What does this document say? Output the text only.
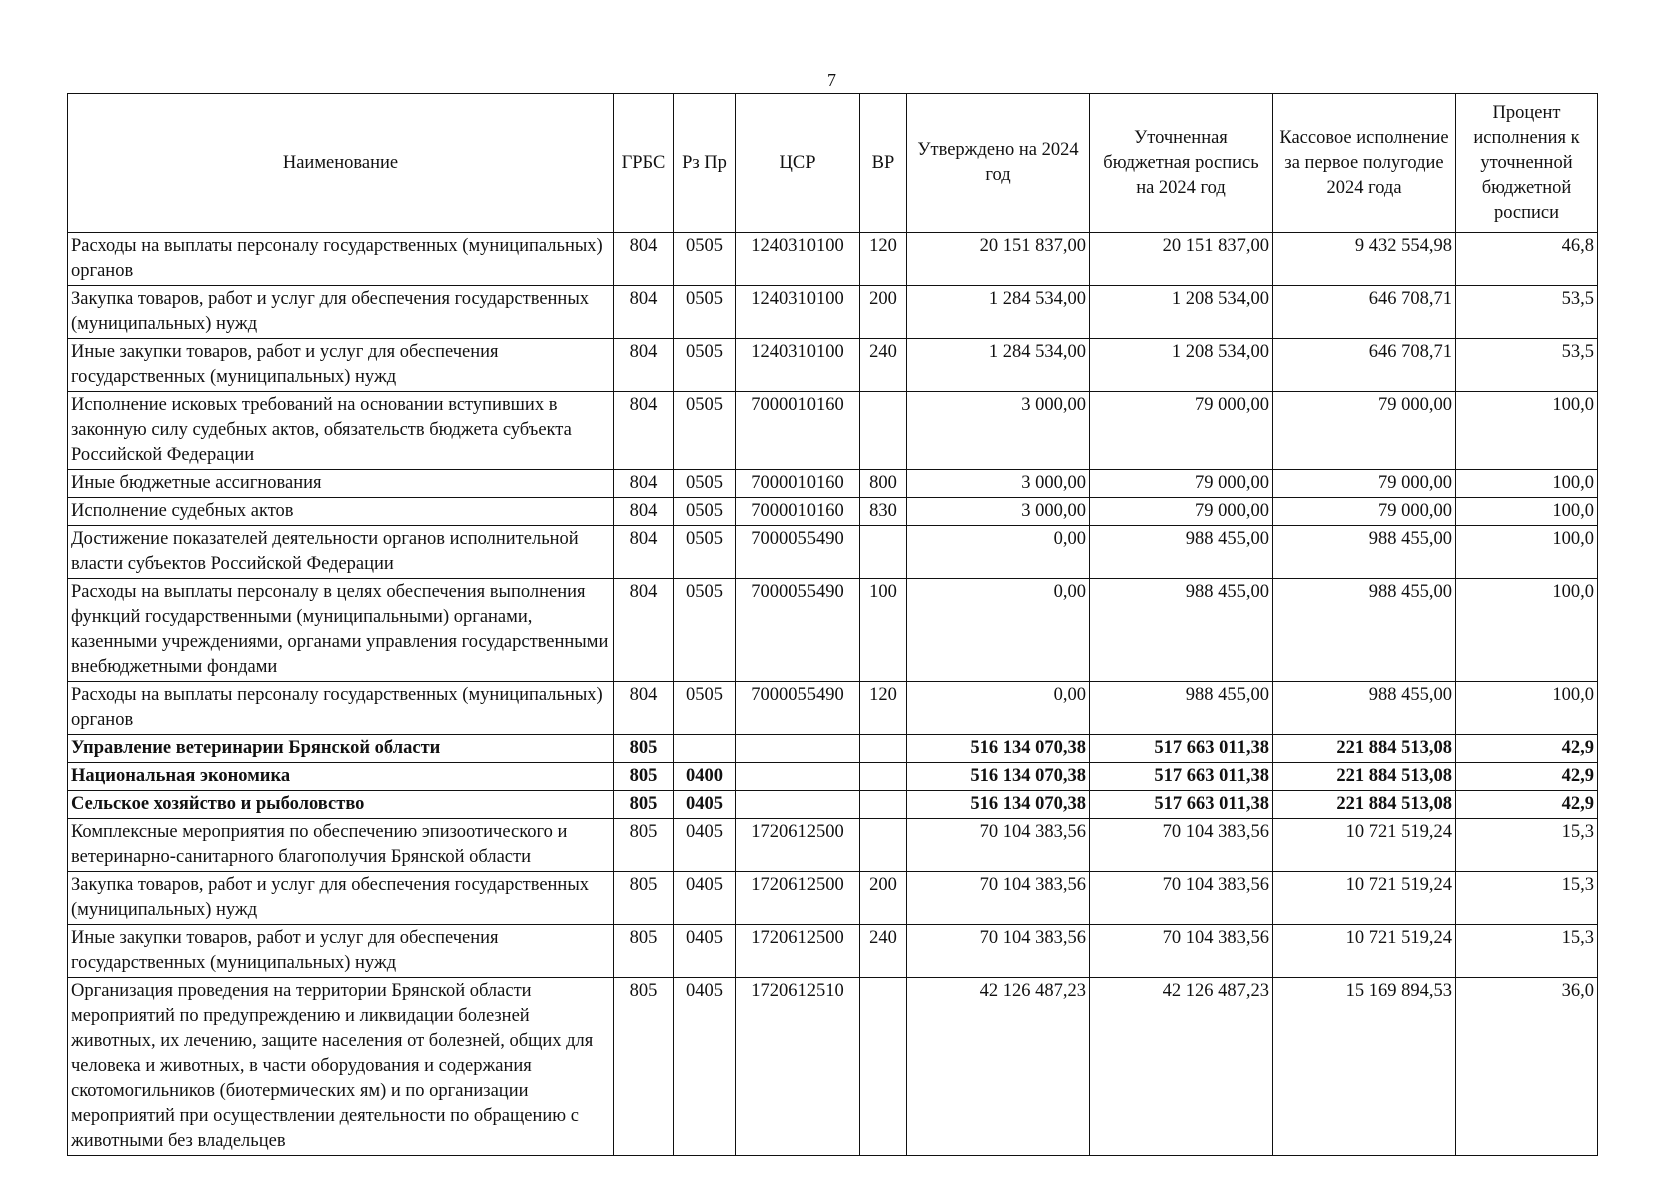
7
Наименование	ГРБС	Рз Пр	ЦСР	ВР	Утверждено на 2024 год	Уточненная бюджетная роспись на 2024 год	Кассовое исполнение за первое полугодие 2024 года	Процент исполнения к уточненной бюджетной росписи
Расходы на выплаты персоналу государственных (муниципальных) органов	804	0505	1240310100	120	20 151 837,00	20 151 837,00	9 432 554,98	46,8
Закупка товаров, работ и услуг для обеспечения государственных (муниципальных) нужд	804	0505	1240310100	200	1 284 534,00	1 208 534,00	646 708,71	53,5
Иные закупки товаров, работ и услуг для обеспечения государственных (муниципальных) нужд	804	0505	1240310100	240	1 284 534,00	1 208 534,00	646 708,71	53,5
Исполнение исковых требований на основании вступивших в законную силу судебных актов, обязательств бюджета субъекта Российской Федерации	804	0505	7000010160		3 000,00	79 000,00	79 000,00	100,0
Иные бюджетные ассигнования	804	0505	7000010160	800	3 000,00	79 000,00	79 000,00	100,0
Исполнение судебных актов	804	0505	7000010160	830	3 000,00	79 000,00	79 000,00	100,0
Достижение показателей деятельности органов исполнительной власти субъектов Российской Федерации	804	0505	7000055490		0,00	988 455,00	988 455,00	100,0
Расходы на выплаты персоналу в целях обеспечения выполнения функций государственными (муниципальными) органами, казенными учреждениями, органами управления государственными внебюджетными фондами	804	0505	7000055490	100	0,00	988 455,00	988 455,00	100,0
Расходы на выплаты персоналу государственных (муниципальных) органов	804	0505	7000055490	120	0,00	988 455,00	988 455,00	100,0
Управление ветеринарии Брянской области	805				516 134 070,38	517 663 011,38	221 884 513,08	42,9
Национальная экономика	805	0400			516 134 070,38	517 663 011,38	221 884 513,08	42,9
Сельское хозяйство и рыболовство	805	0405			516 134 070,38	517 663 011,38	221 884 513,08	42,9
Комплексные мероприятия по обеспечению эпизоотического и ветеринарно-санитарного благополучия Брянской области	805	0405	1720612500		70 104 383,56	70 104 383,56	10 721 519,24	15,3
Закупка товаров, работ и услуг для обеспечения государственных (муниципальных) нужд	805	0405	1720612500	200	70 104 383,56	70 104 383,56	10 721 519,24	15,3
Иные закупки товаров, работ и услуг для обеспечения государственных (муниципальных) нужд	805	0405	1720612500	240	70 104 383,56	70 104 383,56	10 721 519,24	15,3
Организация проведения на территории Брянской области мероприятий по предупреждению и ликвидации болезней животных, их лечению, защите населения от болезней, общих для человека и животных, в части оборудования и содержания скотомогильников (биотермических ям) и по организации мероприятий при осуществлении деятельности по обращению с животными без владельцев	805	0405	1720612510		42 126 487,23	42 126 487,23	15 169 894,53	36,0
